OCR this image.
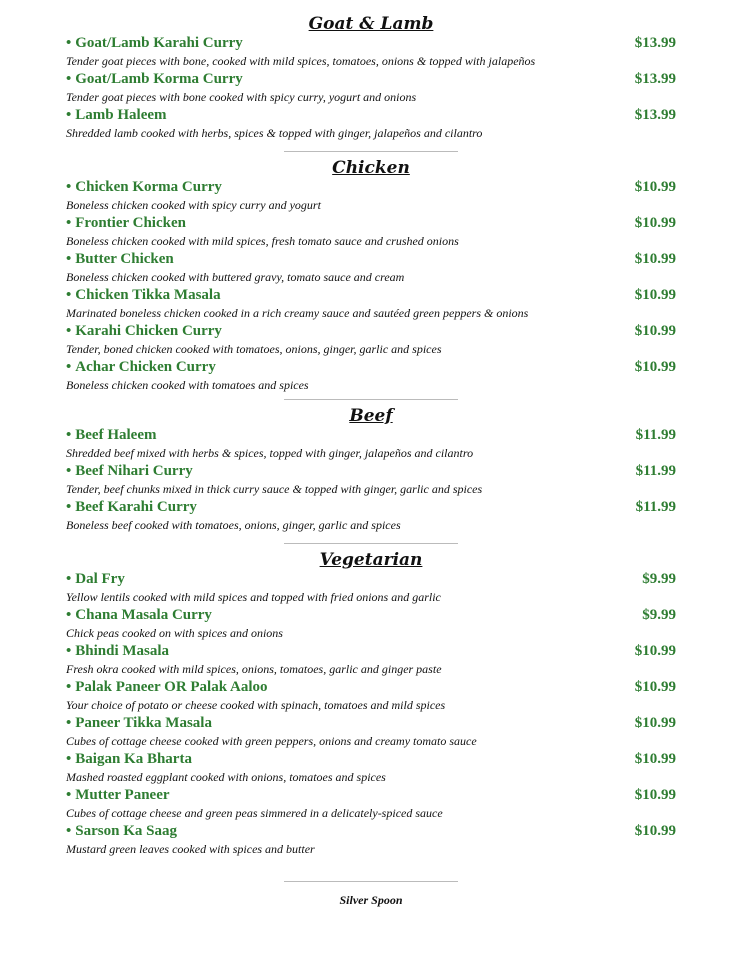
Silver Spoon
Goat & Lamb
• Goat/Lamb Karahi Curry	$13.99
Tender goat pieces with bone, cooked with mild spices, tomatoes, onions & topped with jalapeños
• Goat/Lamb Korma Curry	$13.99
Tender goat pieces with bone cooked with spicy curry, yogurt and onions
• Lamb Haleem	$13.99
Shredded lamb cooked with herbs, spices & topped with ginger, jalapeños and cilantro
Chicken
• Chicken Korma Curry	$10.99
Boneless chicken cooked with spicy curry and yogurt
• Frontier Chicken	$10.99
Boneless chicken cooked with mild spices, fresh tomato sauce and crushed onions
• Butter Chicken	$10.99
Boneless chicken cooked with buttered gravy, tomato sauce and cream
• Chicken Tikka Masala	$10.99
Marinated boneless chicken cooked in a rich creamy sauce and sautéed green peppers & onions
• Karahi Chicken Curry	$10.99
Tender, boned chicken cooked with tomatoes, onions, ginger, garlic and spices
• Achar Chicken Curry	$10.99
Boneless chicken cooked with tomatoes and spices
Beef
• Beef Haleem	$11.99
Shredded beef mixed with herbs & spices, topped with ginger, jalapeños and cilantro
• Beef Nihari Curry	$11.99
Tender, beef chunks mixed in thick curry sauce & topped with ginger, garlic and spices
• Beef Karahi Curry	$11.99
Boneless beef cooked with tomatoes, onions, ginger, garlic and spices
Vegetarian
• Dal Fry	$9.99
Yellow lentils cooked with mild spices and topped with fried onions and garlic
• Chana Masala Curry	$9.99
Chick peas cooked on with spices and onions
• Bhindi Masala	$10.99
Fresh okra cooked with mild spices, onions, tomatoes, garlic and ginger paste
• Palak Paneer OR Palak Aaloo	$10.99
Your choice of potato or cheese cooked with spinach, tomatoes and mild spices
• Paneer Tikka Masala	$10.99
Cubes of cottage cheese cooked with green peppers, onions and creamy tomato sauce
• Baigan Ka Bharta	$10.99
Mashed roasted eggplant cooked with onions, tomatoes and spices
• Mutter Paneer	$10.99
Cubes of cottage cheese and green peas simmered in a delicately-spiced sauce
• Sarson Ka Saag	$10.99
Mustard green leaves cooked with spices and butter
